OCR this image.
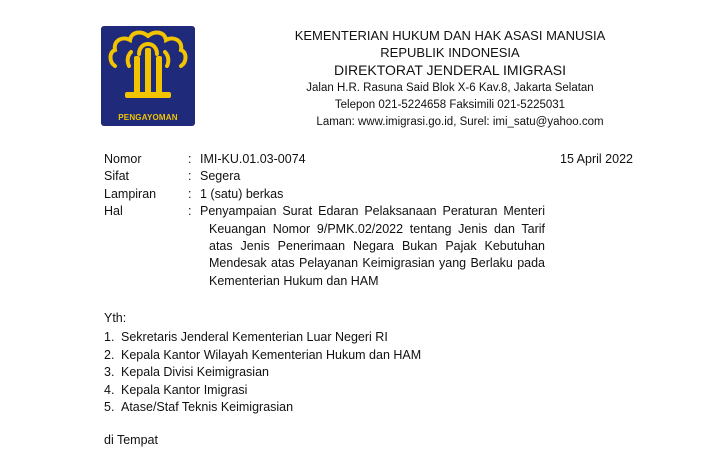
PENGAYOMAN
KEMENTERIAN HUKUM DAN HAK ASASI MANUSIA
REPUBLIK INDONESIA
DIREKTORAT JENDERAL IMIGRASI
Jalan H.R. Rasuna Said Blok X-6 Kav.8, Jakarta Selatan
Telepon 021-5224658 Faksimili 021-5225031
Laman: www.imigrasi.go.id, Surel: imi_satu@yahoo.com
Nomor	: IMI-KU.01.03-0074
Sifat	: Segera
Lampiran	: 1 (satu) berkas
Hal	: Penyampaian Surat Edaran Pelaksanaan Peraturan Menteri Keuangan Nomor 9/PMK.02/2022 tentang Jenis dan Tarif atas Jenis Penerimaan Negara Bukan Pajak Kebutuhan Mendesak atas Pelayanan Keimigrasian yang Berlaku pada Kementerian Hukum dan HAM
15 April 2022
Yth:
1. Sekretaris Jenderal Kementerian Luar Negeri RI
2. Kepala Kantor Wilayah Kementerian Hukum dan HAM
3. Kepala Divisi Keimigrasian
4. Kepala Kantor Imigrasi
5. Atase/Staf Teknis Keimigrasian
di Tempat
